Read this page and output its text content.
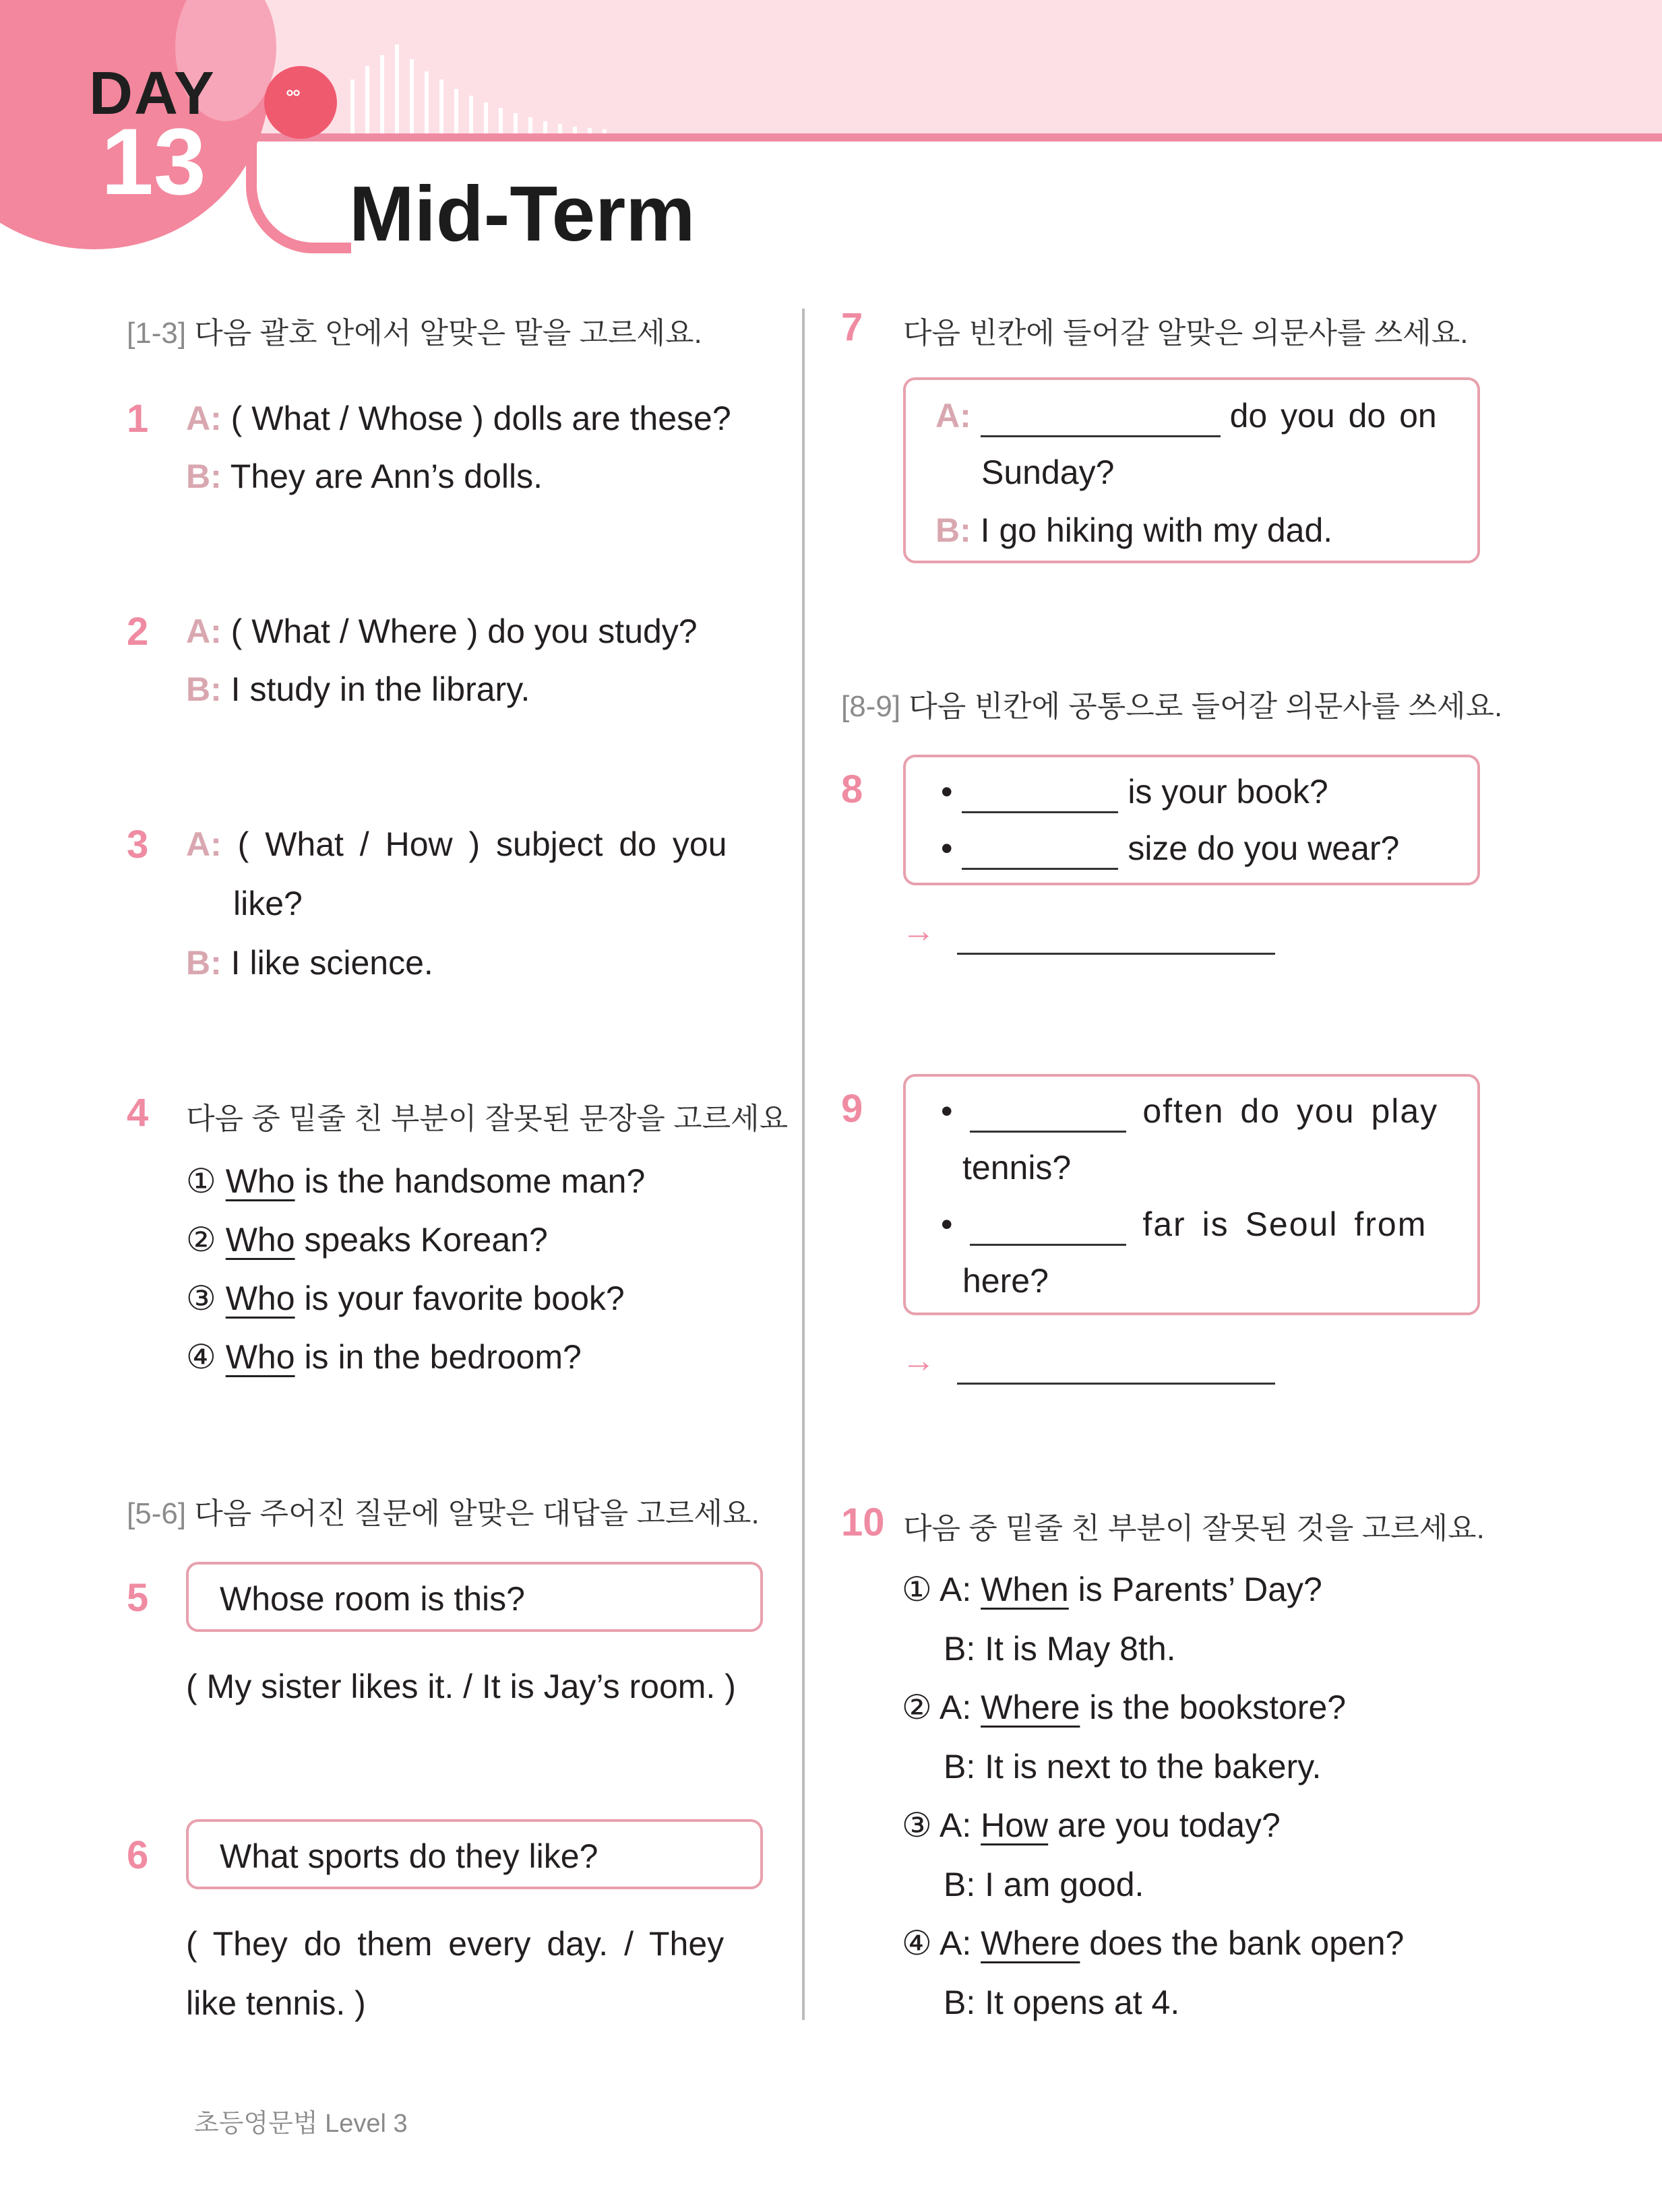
DAY
13
°°
Mid-Term
[1-3] 다음 괄호 안에서 알맞은 말을 고르세요.
1 A: ( What / Whose ) dolls are these?
B: They are Ann’s dolls.
2 A: ( What / Where ) do you study?
B: I study in the library.
3 A: ( What / How ) subject do you
like?
B: I like science.
4 다음 중 밑줄 친 부분이 잘못된 문장을 고르세요
① Who is the handsome man?
② Who speaks Korean?
③ Who is your favorite book?
④ Who is in the bedroom?
[5-6] 다음 주어진 질문에 알맞은 대답을 고르세요.
5 Whose room is this?
( My sister likes it. / It is Jay’s room. )
6 What sports do they like?
( They do them every day. / They
like tennis. )
7 다음 빈칸에 들어갈 알맞은 의문사를 쓰세요.
A:	do you do on
Sunday?
B: I go hiking with my dad.
[8-9] 다음 빈칸에 공통으로 들어갈 의문사를 쓰세요.
8 •	is your book?
•	size do you wear?
→
9 •	often do you play
tennis?
•	far is Seoul from
here?
→
10 다음 중 밑줄 친 부분이 잘못된 것을 고르세요.
① A: When is Parents’ Day?
B: It is May 8th.
② A: Where is the bookstore?
B: It is next to the bakery.
③ A: How are you today?
B: I am good.
④ A: Where does the bank open?
B: It opens at 4.
초등영문법 Level 3
